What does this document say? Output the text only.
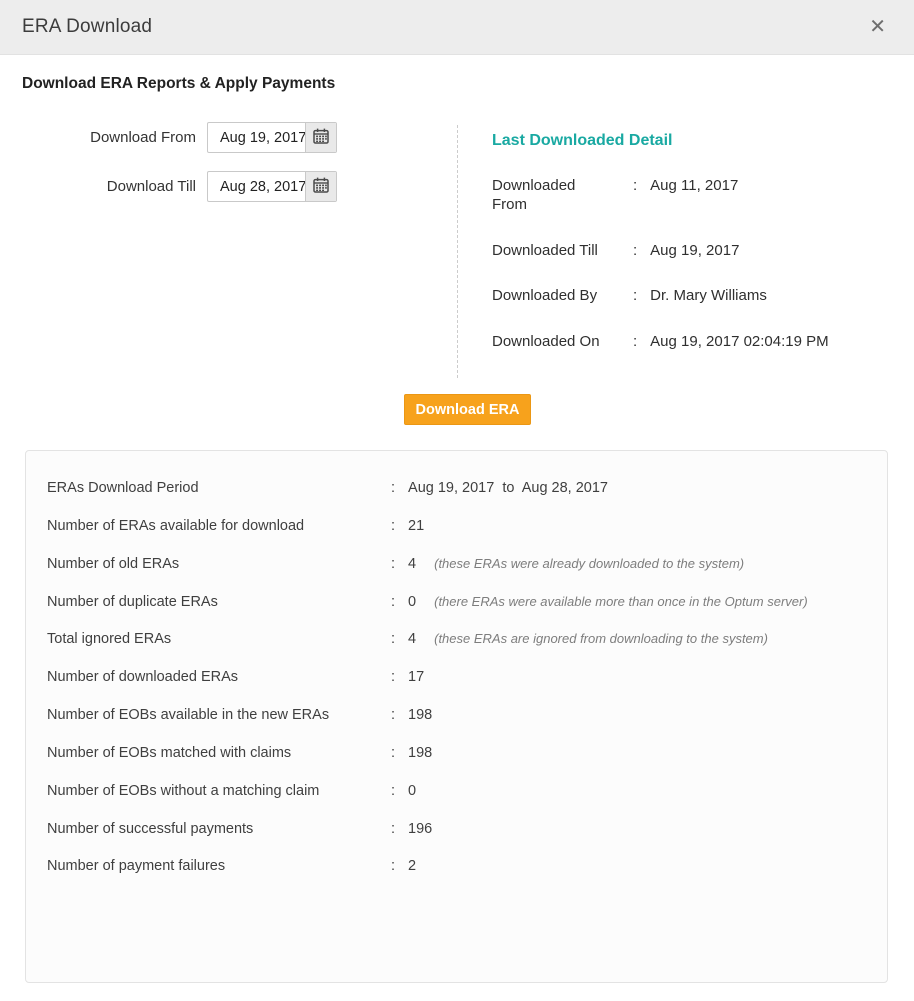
ERA Download	✕
Download ERA Reports & Apply Payments
Download From
Aug 19, 2017
Download Till
Aug 28, 2017
Last Downloaded Detail
Downloaded From
: Aug 11, 2017
Downloaded Till	: Aug 19, 2017
Downloaded By	: Dr. Mary Williams
Downloaded On	: Aug 19, 2017 02:04:19 PM
Download ERA
ERAs Download Period	: Aug 19, 2017  to  Aug 28, 2017
Number of ERAs available for download	: 21
Number of old ERAs	: 4 (these ERAs were already downloaded to the system)
Number of duplicate ERAs	: 0 (there ERAs were available more than once in the Optum server)
Total ignored ERAs	: 4 (these ERAs are ignored from downloading to the system)
Number of downloaded ERAs	: 17
Number of EOBs available in the new ERAs	: 198
Number of EOBs matched with claims	: 198
Number of EOBs without a matching claim	: 0
Number of successful payments	: 196
Number of payment failures	: 2
